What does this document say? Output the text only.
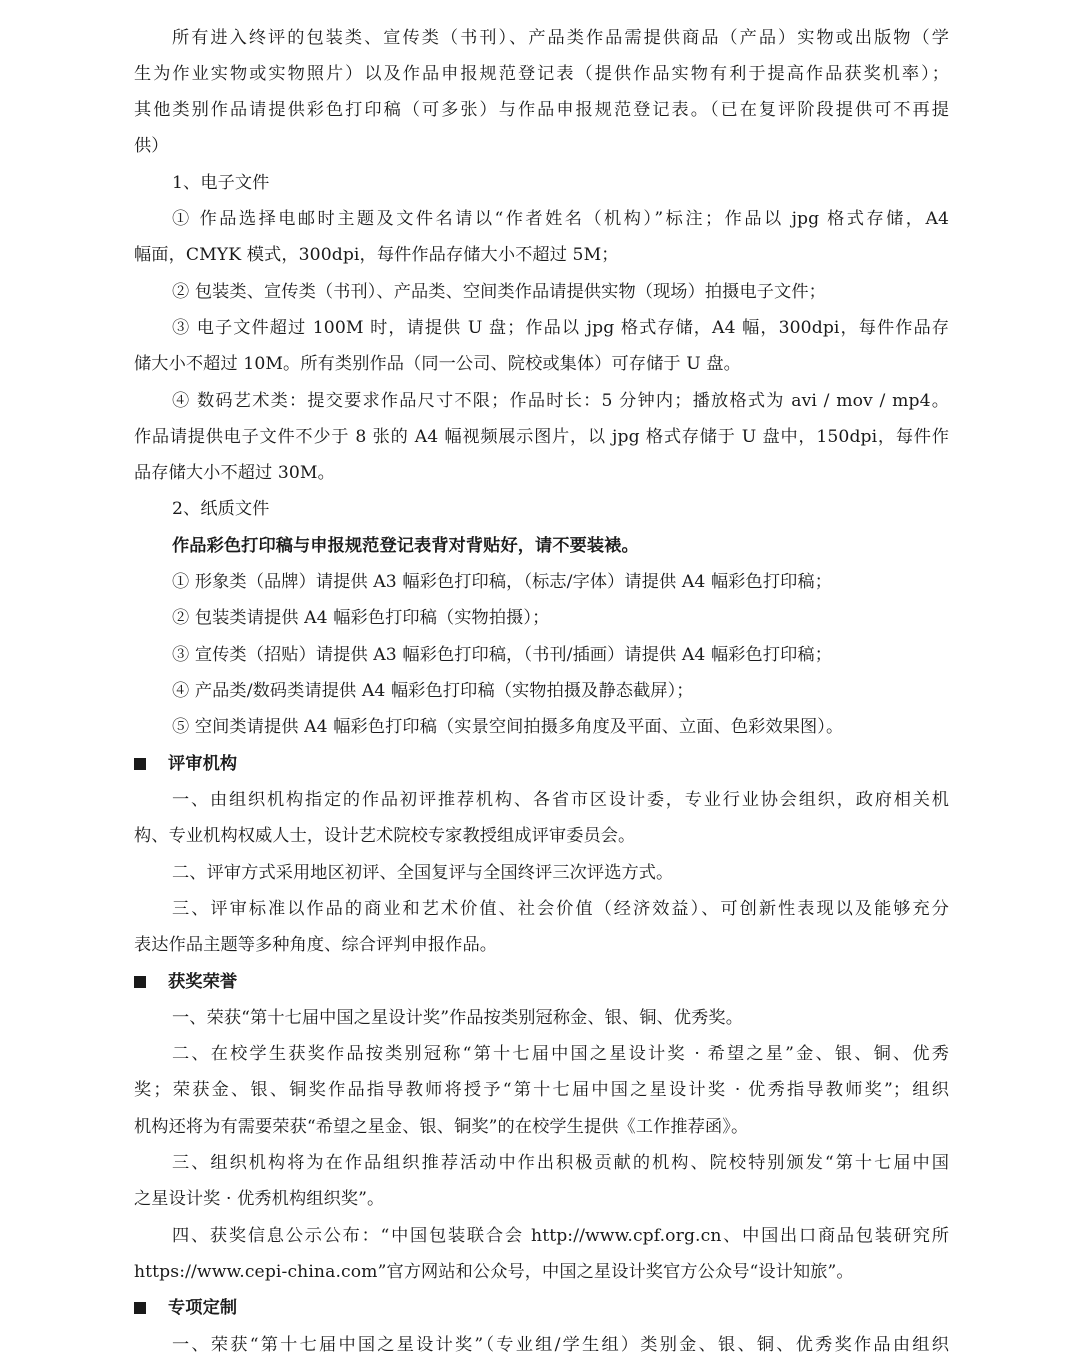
所有进入终评的包装类、宣传类（书刊）、产品类作品需提供商品（产品）实物或出版物（学
生为作业实物或实物照片）以及作品申报规范登记表（提供作品实物有利于提高作品获奖机率）；
其他类别作品请提供彩色打印稿（可多张）与作品申报规范登记表。（已在复评阶段提供可不再提
供）
1、电子文件
① 作品选择电邮时主题及文件名请以“作者姓名（机构）”标注；作品以 jpg 格式存储，A4
幅面，CMYK 模式，300dpi，每件作品存储大小不超过 5M；
② 包装类、宣传类（书刊）、产品类、空间类作品请提供实物（现场）拍摄电子文件；
③ 电子文件超过 100M 时，请提供 U 盘；作品以 jpg 格式存储，A4 幅，300dpi，每件作品存
储大小不超过 10M。所有类别作品（同一公司、院校或集体）可存储于 U 盘。
④ 数码艺术类：提交要求作品尺寸不限；作品时长：5 分钟内；播放格式为 avi / mov / mp4。
作品请提供电子文件不少于 8 张的 A4 幅视频展示图片，以 jpg 格式存储于 U 盘中，150dpi，每件作
品存储大小不超过 30M。
2、纸质文件
作品彩色打印稿与申报规范登记表背对背贴好，请不要装裱。
① 形象类（品牌）请提供 A3 幅彩色打印稿，（标志/字体）请提供 A4 幅彩色打印稿；
② 包装类请提供 A4 幅彩色打印稿（实物拍摄）；
③ 宣传类（招贴）请提供 A3 幅彩色打印稿，（书刊/插画）请提供 A4 幅彩色打印稿；
④ 产品类/数码类请提供 A4 幅彩色打印稿（实物拍摄及静态截屏）；
⑤ 空间类请提供 A4 幅彩色打印稿（实景空间拍摄多角度及平面、立面、色彩效果图）。
评审机构
一、由组织机构指定的作品初评推荐机构、各省市区设计委，专业行业协会组织，政府相关机
构、专业机构权威人士，设计艺术院校专家教授组成评审委员会。
二、评审方式采用地区初评、全国复评与全国终评三次评选方式。
三、评审标准以作品的商业和艺术价值、社会价值（经济效益）、可创新性表现以及能够充分
表达作品主题等多种角度、综合评判申报作品。
获奖荣誉
一、荣获“第十七届中国之星设计奖”作品按类别冠称金、银、铜、优秀奖。
二、在校学生获奖作品按类别冠称“第十七届中国之星设计奖 · 希望之星”金、银、铜、优秀
奖；荣获金、银、铜奖作品指导教师将授予“第十七届中国之星设计奖 · 优秀指导教师奖”；组织
机构还将为有需要荣获“希望之星金、银、铜奖”的在校学生提供《工作推荐函》。
三、组织机构将为在作品组织推荐活动中作出积极贡献的机构、院校特别颁发“第十七届中国
之星设计奖 · 优秀机构组织奖”。
四、获奖信息公示公布：“中国包装联合会 http://www.cpf.org.cn、中国出口商品包装研究所
https://www.cepi-china.com”官方网站和公众号，中国之星设计奖官方公众号“设计知旅”。
专项定制
一、荣获“第十七届中国之星设计奖”（专业组/学生组）类别金、银、铜、优秀奖作品由组织
